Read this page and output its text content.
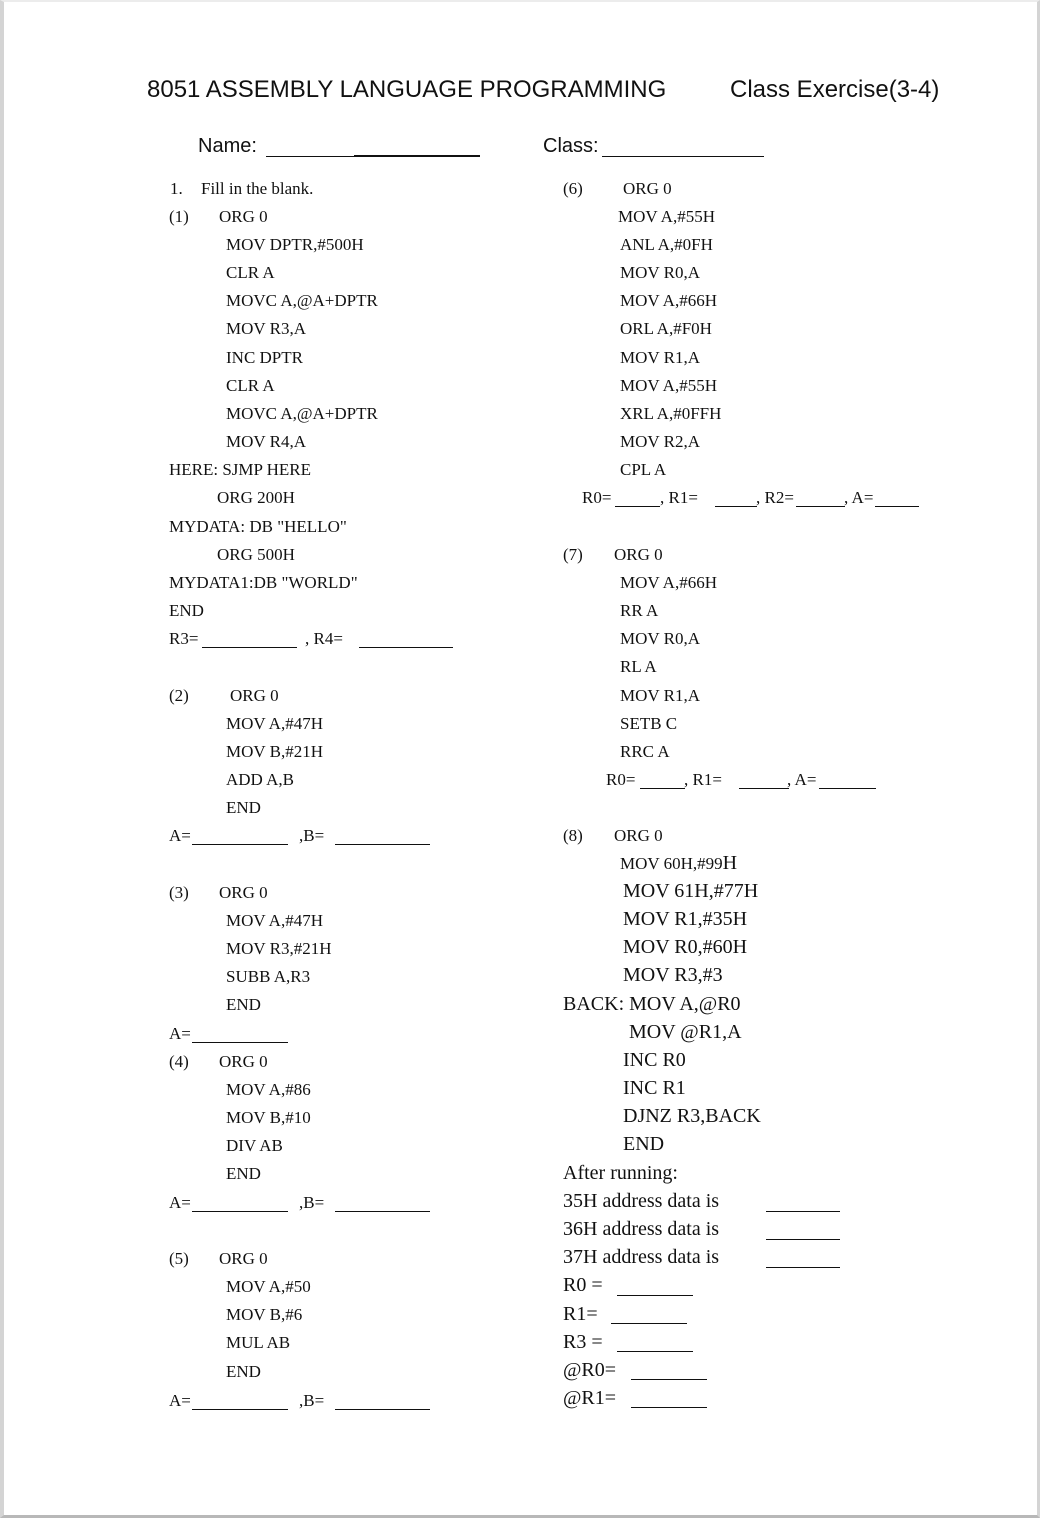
8051 ASSEMBLY LANGUAGE PROGRAMMING	Class Exercise(3-4)
Name:	Class:
1. Fill in the blank.
(1) ORG 0
MOV DPTR,#500H
CLR A
MOVC A,@A+DPTR
MOV R3,A
INC DPTR
CLR A
MOVC A,@A+DPTR
MOV R4,A
HERE: SJMP HERE
ORG 200H
MYDATA: DB "HELLO"
ORG 500H
MYDATA1:DB "WORLD"
END
R3=	, R4=
(2) ORG 0
MOV A,#47H
MOV B,#21H
ADD A,B
END
A=	,B=
(3) ORG 0
MOV A,#47H
MOV R3,#21H
SUBB A,R3
END
A=
(4) ORG 0
MOV A,#86
MOV B,#10
DIV AB
END
A=	,B=
(5) ORG 0
MOV A,#50
MOV B,#6
MUL AB
END
A=	,B=
(6) ORG 0
MOV A,#55H
ANL A,#0FH
MOV R0,A
MOV A,#66H
ORL A,#F0H
MOV R1,A
MOV A,#55H
XRL A,#0FFH
MOV R2,A
CPL A
R0=	, R1=	, R2=	, A=
(7) ORG 0
MOV A,#66H
RR A
MOV R0,A
RL A
MOV R1,A
SETB C
RRC A
R0=	, R1=	, A=
(8) ORG 0
MOV 60H,#99H
MOV 61H,#77H
MOV R1,#35H
MOV R0,#60H
MOV R3,#3
BACK: MOV A,@R0
MOV @R1,A
INC R0
INC R1
DJNZ R3,BACK
END
After running:
35H address data is
36H address data is
37H address data is
R0 =
R1=
R3 =
@R0=
@R1=
